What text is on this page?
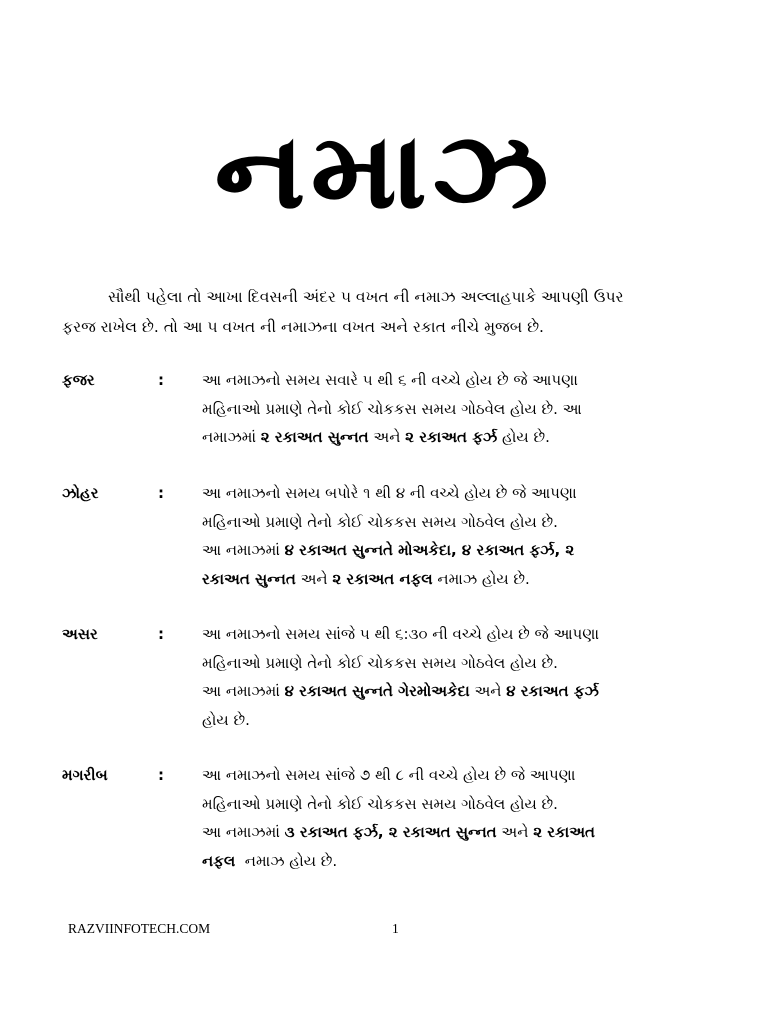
નમાઝ

સૌથી પહેલા તો આખા દિવસની અંદર ૫ વખત ની નમાઝ અલ્લાહપાકે આપણી ઉપર
ફરજ રાખેલ છે. તો આ ૫ વખત ની નમાઝના વખત અને રકાત નીચે મુજબ છે.

ફજર	:	આ નમાઝનો સમય સવારે ૫ થી ૬ ની વચ્ચે હોય છે જે આપણા
મહિનાઓ પ્રમાણે તેનો કોઈ ચોકકસ સમય ગોઠવેલ હોય છે. આ
નમાઝમાં ૨ રકાઅત સુન્નત અને ૨ રકાઅત ફર્ઝ હોય છે.
ઝોહર	:	આ નમાઝનો સમય બપોરે ૧ થી ૪ ની વચ્ચે હોય છે જે આપણા
મહિનાઓ પ્રમાણે તેનો કોઈ ચોકકસ સમય ગોઠવેલ હોય છે.
આ નમાઝમાં ૪ રકાઅત સુન્નતે મોઅકેદા, ૪ રકાઅત ફર્ઝ, ૨
રકાઅત સુન્નત અને ૨ રકાઅત નફલ નમાઝ હોય છે.
અસર	:	આ નમાઝનો સમય સાંજે ૫ થી ૬:૩૦ ની વચ્ચે હોય છે જે આપણા
મહિનાઓ પ્રમાણે તેનો કોઈ ચોકકસ સમય ગોઠવેલ હોય છે.
આ નમાઝમાં ૪ રકાઅત સુન્નતે ગેરમોઅકેદા અને ૪ રકાઅત ફર્ઝ
હોય છે.
મગરીબ	:	આ નમાઝનો સમય સાંજે ૭ થી ૮ ની વચ્ચે હોય છે જે આપણા
મહિનાઓ પ્રમાણે તેનો કોઈ ચોકકસ સમય ગોઠવેલ હોય છે.
આ નમાઝમાં ૩ રકાઅત ફર્ઝ, ૨ રકાઅત સુન્નત અને ૨ રકાઅત
નફલ  નમાઝ હોય છે.
RAZVIINFOTECH.COM	1
